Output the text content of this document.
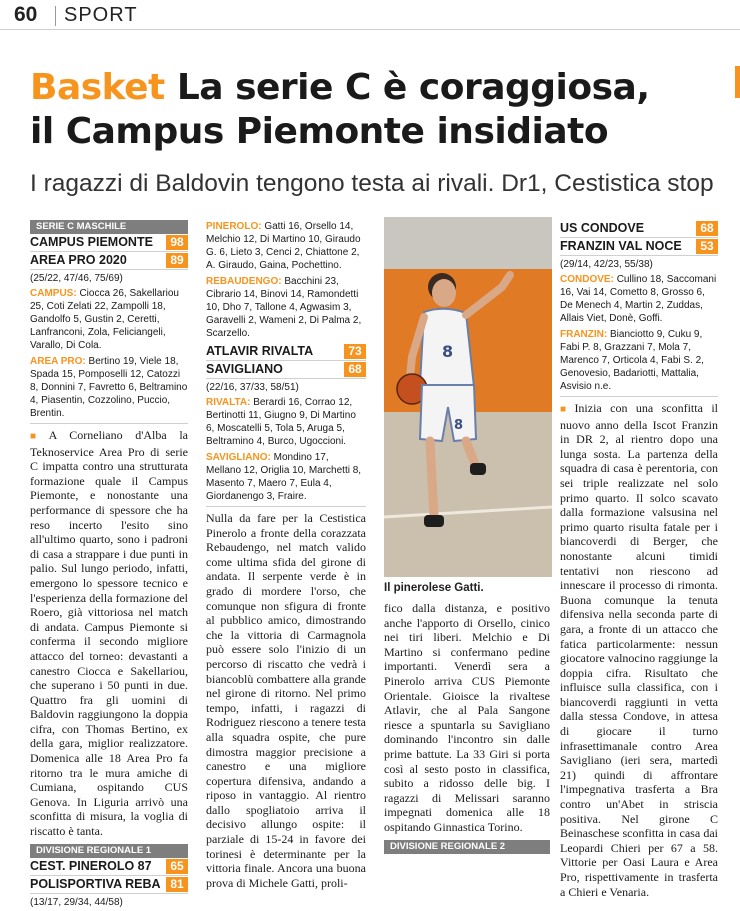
60 SPORT
Basket La serie C è coraggiosa,
il Campus Piemonte insidiato
I ragazzi di Baldovin tengono testa ai rivali. Dr1, Cestistica stop
SERIE C MASCHILE
CAMPUS PIEMONTE	98
AREA PRO 2020	89
(25/22, 47/46, 75/69)
CAMPUS: Ciocca 26, Sakellariou 25, Coti Zelati 22, Zampolli 18, Gandolfo 5, Gustin 2, Ceretti, Lanfranconi, Zola, Feliciangeli, Varallo, Di Cola.
AREA PRO: Bertino 19, Viele 18, Spada 15, Pomposelli 12, Catozzi 8, Donnini 7, Favretto 6, Beltramino 4, Piasentin, Cozzolino, Puccio, Brentin.
■ A Corneliano d'Alba la Teknoservice Area Pro di serie C impatta contro una strutturata formazione quale il Campus Piemonte, e nonostante una performance di spessore che ha reso incerto l'esito sino all'ultimo quarto, sono i padroni di casa a strappare i due punti in palio. Sul lungo periodo, infatti, emergono lo spessore tecnico e l'esperienza della formazione del Roero, già vittoriosa nel match di andata. Campus Piemonte si conferma il secondo migliore attacco del torneo: devastanti a canestro Ciocca e Sakellariou, che superano i 50 punti in due. Quattro fra gli uomini di Baldovin raggiungono la doppia cifra, con Thomas Bertino, ex della gara, miglior realizzatore. Domenica alle 18 Area Pro fa ritorno tra le mura amiche di Cumiana, ospitando CUS Genova. In Liguria arrivò una sconfitta di misura, la voglia di riscatto è tanta.
DIVISIONE REGIONALE 1
CEST. PINEROLO 87	65
POLISPORTIVA REBA 81
(13/17, 29/34, 44/58)
PINEROLO: Gatti 16, Orsello 14, Melchio 12, Di Martino 10, Giraudo G. 6, Lieto 3, Cenci 2, Chiattone 2, A. Giraudo, Gaina, Pochettino.
REBAUDENGO: Bacchini 23, Cibrario 14, Binovi 14, Ramondetti 10, Dho 7, Tallone 4, Agwasim 3, Garavelli 2, Wameni 2, Di Palma 2, Scarzello.
ATLAVIR RIVALTA	73
SAVIGLIANO	68
(22/16, 37/33, 58/51)
RIVALTA: Berardi 16, Corrao 12, Bertinotti 11, Giugno 9, Di Martino 6, Moscatelli 5, Tola 5, Aruga 5, Beltramino 4, Burco, Ugoccioni.
SAVIGLIANO: Mondino 17, Mellano 12, Origlia 10, Marchetti 8, Masento 7, Maero 7, Eula 4, Giordanengo 3, Fraire.
Nulla da fare per la Cestistica Pinerolo a fronte della corazzata Rebaudengo, nel match valido come ultima sfida del girone di andata. Il serpente verde è in grado di mordere l'orso, che comunque non sfigura di fronte al pubblico amico, dimostrando che la vittoria di Carmagnola può essere solo l'inizio di un percorso di riscatto che vedrà i biancoblù combattere alla grande nel girone di ritorno. Nel primo tempo, infatti, i ragazzi di Rodriguez riescono a tenere testa alla squadra ospite, che pure dimostra maggior precisione a canestro e una migliore copertura difensiva, andando a riposo in vantaggio. Al rientro dallo spogliatoio arriva il decisivo allungo ospite: il parziale di 15-24 in favore dei torinesi è determinante per la vittoria finale. Ancora una buona prova di Michele Gatti, proli-
8
8
Il pinerolese Gatti.
fico dalla distanza, e positivo anche l'apporto di Orsello, cinico nei tiri liberi. Melchio e Di Martino si confermano pedine importanti. Venerdì sera a Pinerolo arriva CUS Piemonte Orientale. Gioisce la rivaltese Atlavir, che al Pala Sangone riesce a spuntarla su Savigliano dominando l'incontro sin dalle prime battute. La 33 Giri si porta così al sesto posto in classifica, subito a ridosso delle big. I ragazzi di Melissari saranno impegnati domenica alle 18 ospitando Ginnastica Torino.
DIVISIONE REGIONALE 2
US CONDOVE	68
FRANZIN VAL NOCE	53
(29/14, 42/23, 55/38)
CONDOVE: Cullino 18, Saccomani 16, Vai 14, Cometto 8, Grosso 6, De Menech 4, Martin 2, Zuddas, Allais Viet, Donè, Goffi.
FRANZIN: Bianciotto 9, Cuku 9, Fabi P. 8, Grazzani 7, Mola 7, Marenco 7, Orticola 4, Fabi S. 2, Genovesio, Badariotti, Mattalia, Asvisio n.e.
■ Inizia con una sconfitta il nuovo anno della Iscot Franzin in DR 2, al rientro dopo una lunga sosta. La partenza della squadra di casa è perentoria, con sei triple realizzate nel solo primo quarto. Il solco scavato dalla formazione valsusina nel primo quarto risulta fatale per i biancoverdi di Berger, che nonostante alcuni timidi tentativi non riescono ad innescare il processo di rimonta. Buona comunque la tenuta difensiva nella seconda parte di gara, a fronte di un attacco che fatica particolarmente: nessun giocatore valnocino raggiunge la doppia cifra. Risultato che influisce sulla classifica, con i biancoverdi raggiunti in vetta dalla stessa Condove, in attesa di giocare il turno infrasettimanale contro Area Savigliano (ieri sera, martedì 21) quindi di affrontare l'impegnativa trasferta a Bra contro un'Abet in striscia positiva. Nel girone C Beinaschese sconfitta in casa dai Leopardi Chieri per 67 a 58. Vittorie per Oasi Laura e Area Pro, rispettivamente in trasferta a Chieri e Venaria.
